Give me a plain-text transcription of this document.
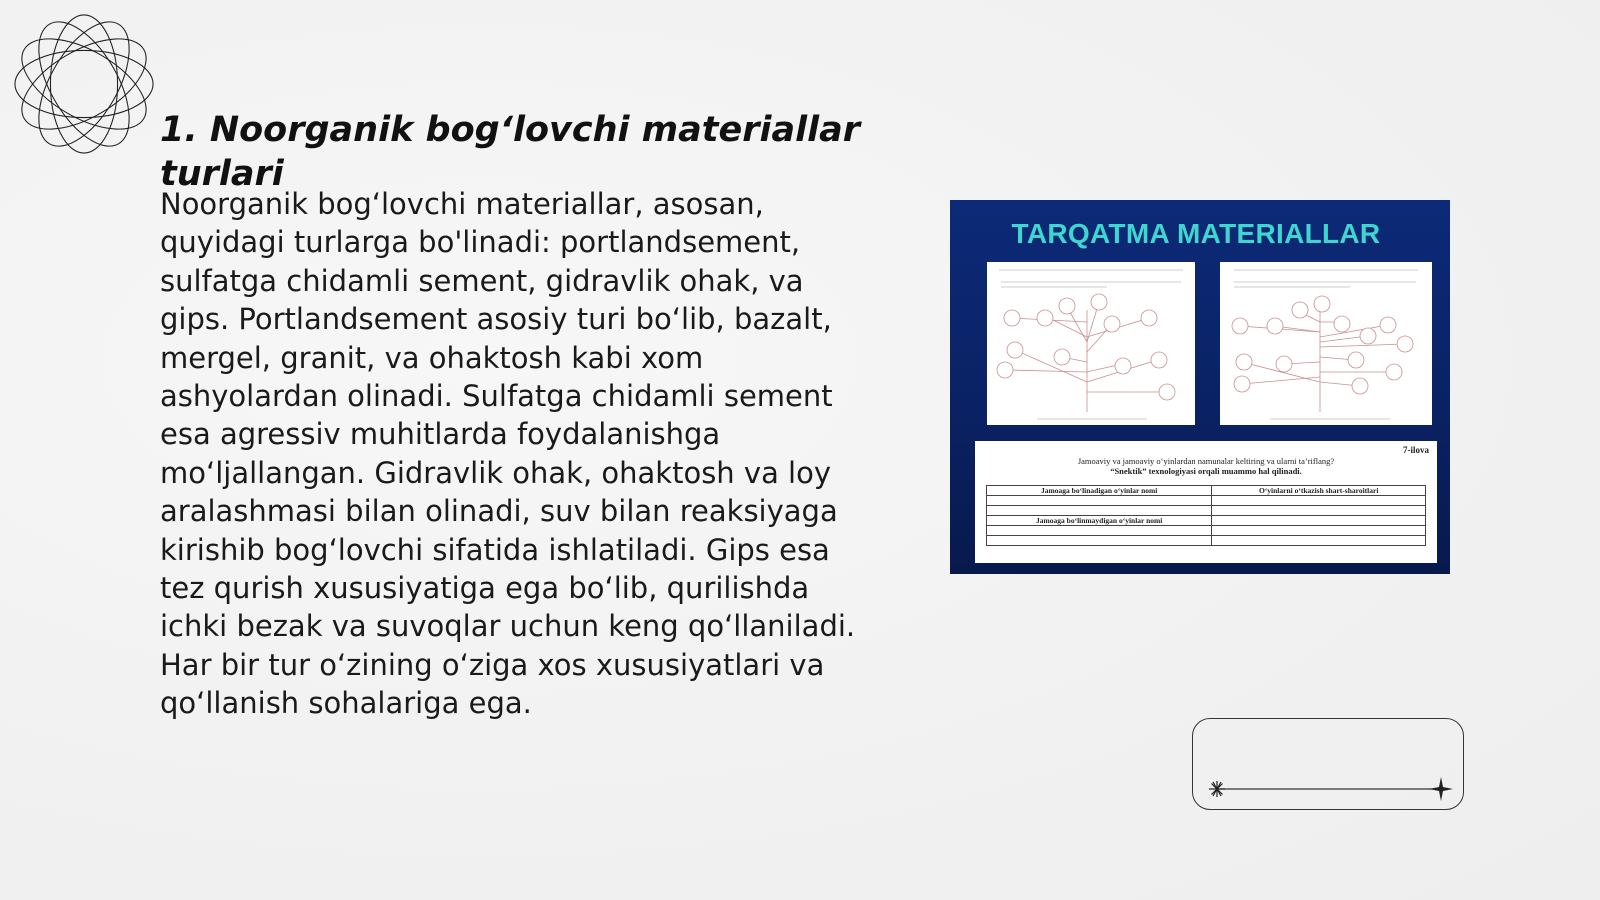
1. Noorganik bog‘lovchi materiallar turlari

Noorganik bog‘lovchi materiallar, asosan, quyidagi turlarga bo'linadi: portlandsement, sulfatga chidamli sement, gidravlik ohak, va gips. Portlandsement asosiy turi bo‘lib, bazalt, mergel, granit, va ohaktosh kabi xom ashyolardan olinadi. Sulfatga chidamli sement esa agressiv muhitlarda foydalanishga mo‘ljallangan. Gidravlik ohak, ohaktosh va loy aralashmasi bilan olinadi, suv bilan reaksiyaga kirishib bog‘lovchi sifatida ishlatiladi. Gips esa tez qurish xususiyatiga ega bo‘lib, qurilishda ichki bezak va suvoqlar uchun keng qo‘llaniladi. Har bir tur o‘zining o‘ziga xos xususiyatlari va qo‘llanish sohalariga ega.

TARQATMA MATERIALLAR
7-ilova
Jamoaviy va jamoaviy o‘yinlardan namunalar keltiring va ularni ta’riflang?
“Snektik” texnologiyasi orqali muammo hal qilinadi.
Jamoaga bo‘linadigan o‘yinlar nomi	O‘yinlarni o‘tkazish shart-sharoitlari

Jamoaga bo‘linmaydigan o‘yinlar nomi	
